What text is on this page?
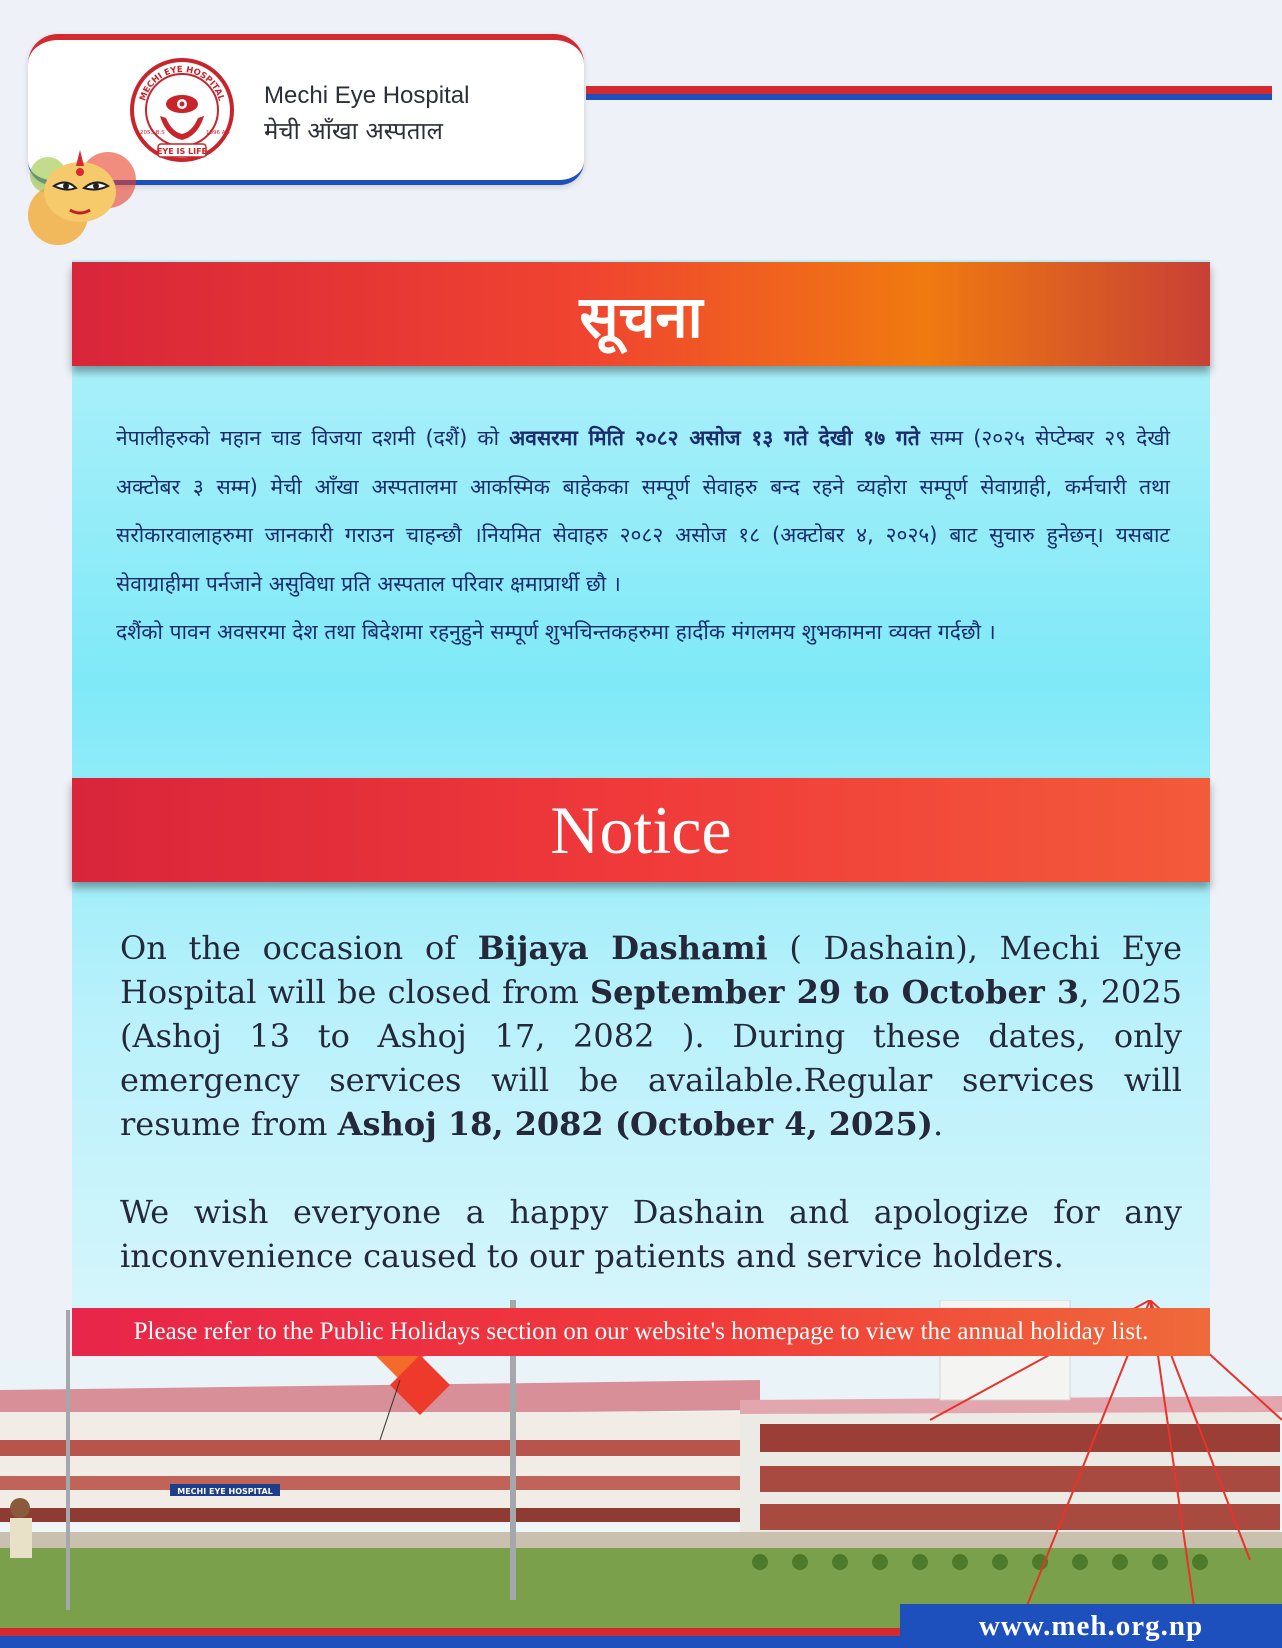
MECHI EYE HOSPITAL
EYE IS LIFE
2053 B.S	1996 AD
Mechi Eye Hospital
मेची आँखा अस्पताल
सूचना
नेपालीहरुको महान चाड विजया दशमी (दशैं) को अवसरमा मिति २०८२ असोज १३ गते देखी १७ गते सम्म (२०२५ सेप्टेम्बर २९ देखी अक्टोबर ३ सम्म) मेची आँखा अस्पतालमा आकस्मिक बाहेकका सम्पूर्ण सेवाहरु बन्द रहने व्यहोरा सम्पूर्ण सेवाग्राही, कर्मचारी तथा सरोकारवालाहरुमा जानकारी गराउन चाहन्छौ ।नियमित सेवाहरु २०८२ असोज १८ (अक्टोबर ४, २०२५) बाट सुचारु हुनेछन्। यसबाट सेवाग्राहीमा पर्नजाने असुविधा प्रति अस्पताल परिवार क्षमाप्रार्थी छौ ।
दशैंको पावन अवसरमा देश तथा बिदेशमा रहनुहुने सम्पूर्ण शुभचिन्तकहरुमा हार्दीक मंगलमय शुभकामना व्यक्त गर्दछौ ।
Notice

On the occasion of Bijaya Dashami ( Dashain), Mechi Eye Hospital will be closed from September 29 to October 3, 2025 (Ashoj 13 to Ashoj 17, 2082 ). During these dates, only emergency services will be available.Regular services will resume from Ashoj 18, 2082 (October 4, 2025).

We wish everyone a happy Dashain and apologize for any inconvenience caused to our patients and service holders.

MECHI EYE HOSPITAL
Please refer to the Public Holidays section on our website's homepage to view the annual holiday list.
www.meh.org.np
